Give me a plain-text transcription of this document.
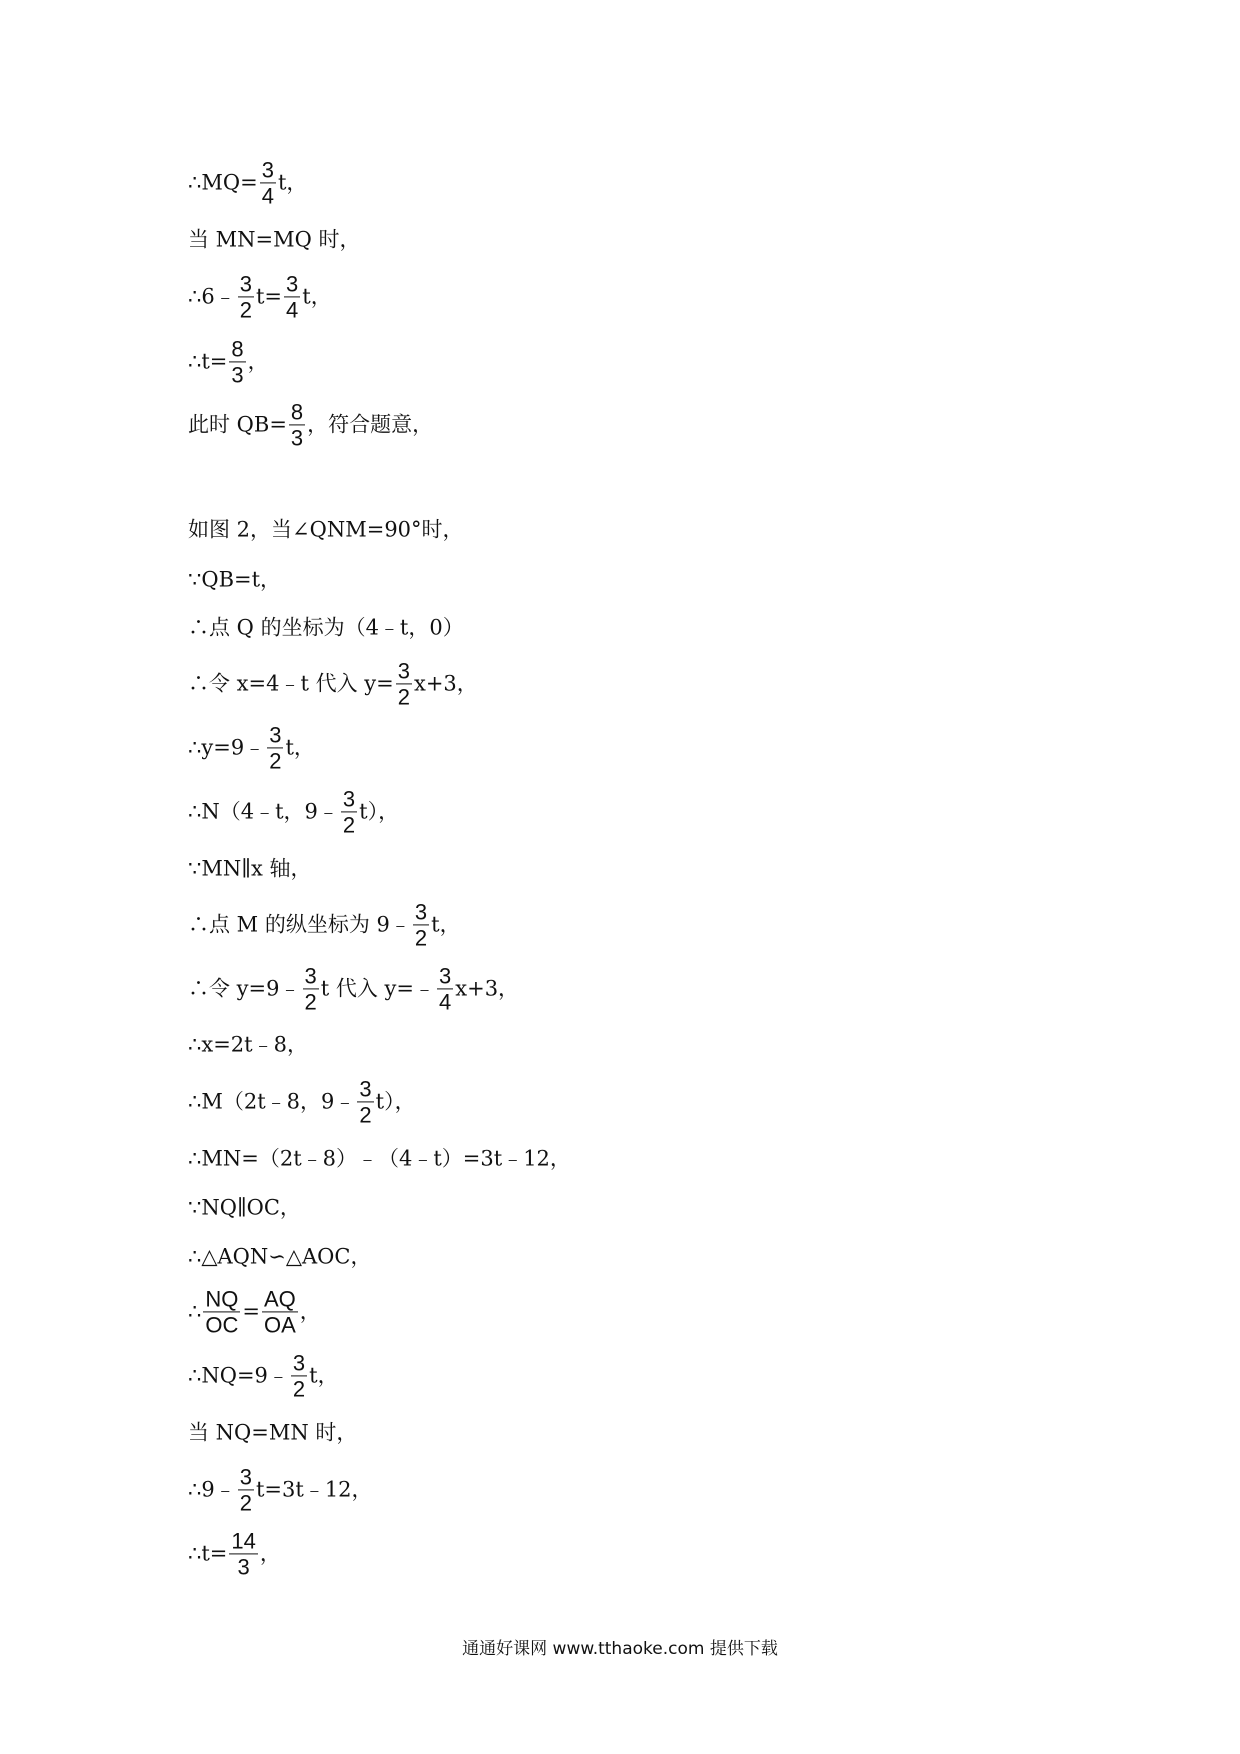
∴MQ= $\frac{3}{4}$ t，
当 MN=MQ 时，
∴6﹣ $\frac{3}{2} t= \frac{3}{4}$ t，
∴t= $\frac{8}{3}$ ，
此时 $QB= \frac{8}{3}$ ，符合题意，
如图 2，当∠QNM=90°时，
∵QB=t，
∴点 Q 的坐标为（4﹣t，0）
∴令 x=4﹣t 代入 $y= \frac{3}{2} x+3$，
∴y=9﹣ $\frac{3}{2}$ t，
∴N（4﹣t，9﹣ $\frac{3}{2} t$），
∵MN∥x 轴，
∴点 M 的纵坐标为 9﹣ $\frac{3}{2}$ t，
∴令 y=9﹣ $\frac{3}{2}$ t 代入 y=﹣ $\frac{3}{4} x+3$，
∴x=2t﹣8，
∴M（2t﹣8，9﹣ $\frac{3}{2} t$），
∴MN=（2t﹣8）﹣（4﹣t）=3t﹣12，
∵NQ∥OC，
∴△AQN∽△AOC，
∴ $\frac{NQ}{OC} = \frac{AQ}{OA}$ ，
∴NQ=9﹣ $\frac{3}{2}$ t，
当 NQ=MN 时，
∴9﹣ $\frac{3}{2}$ t=3t﹣12，
∴t= $\frac{14}{3}$ ，
通通好课网 www.tthaoke.com 提供下载
